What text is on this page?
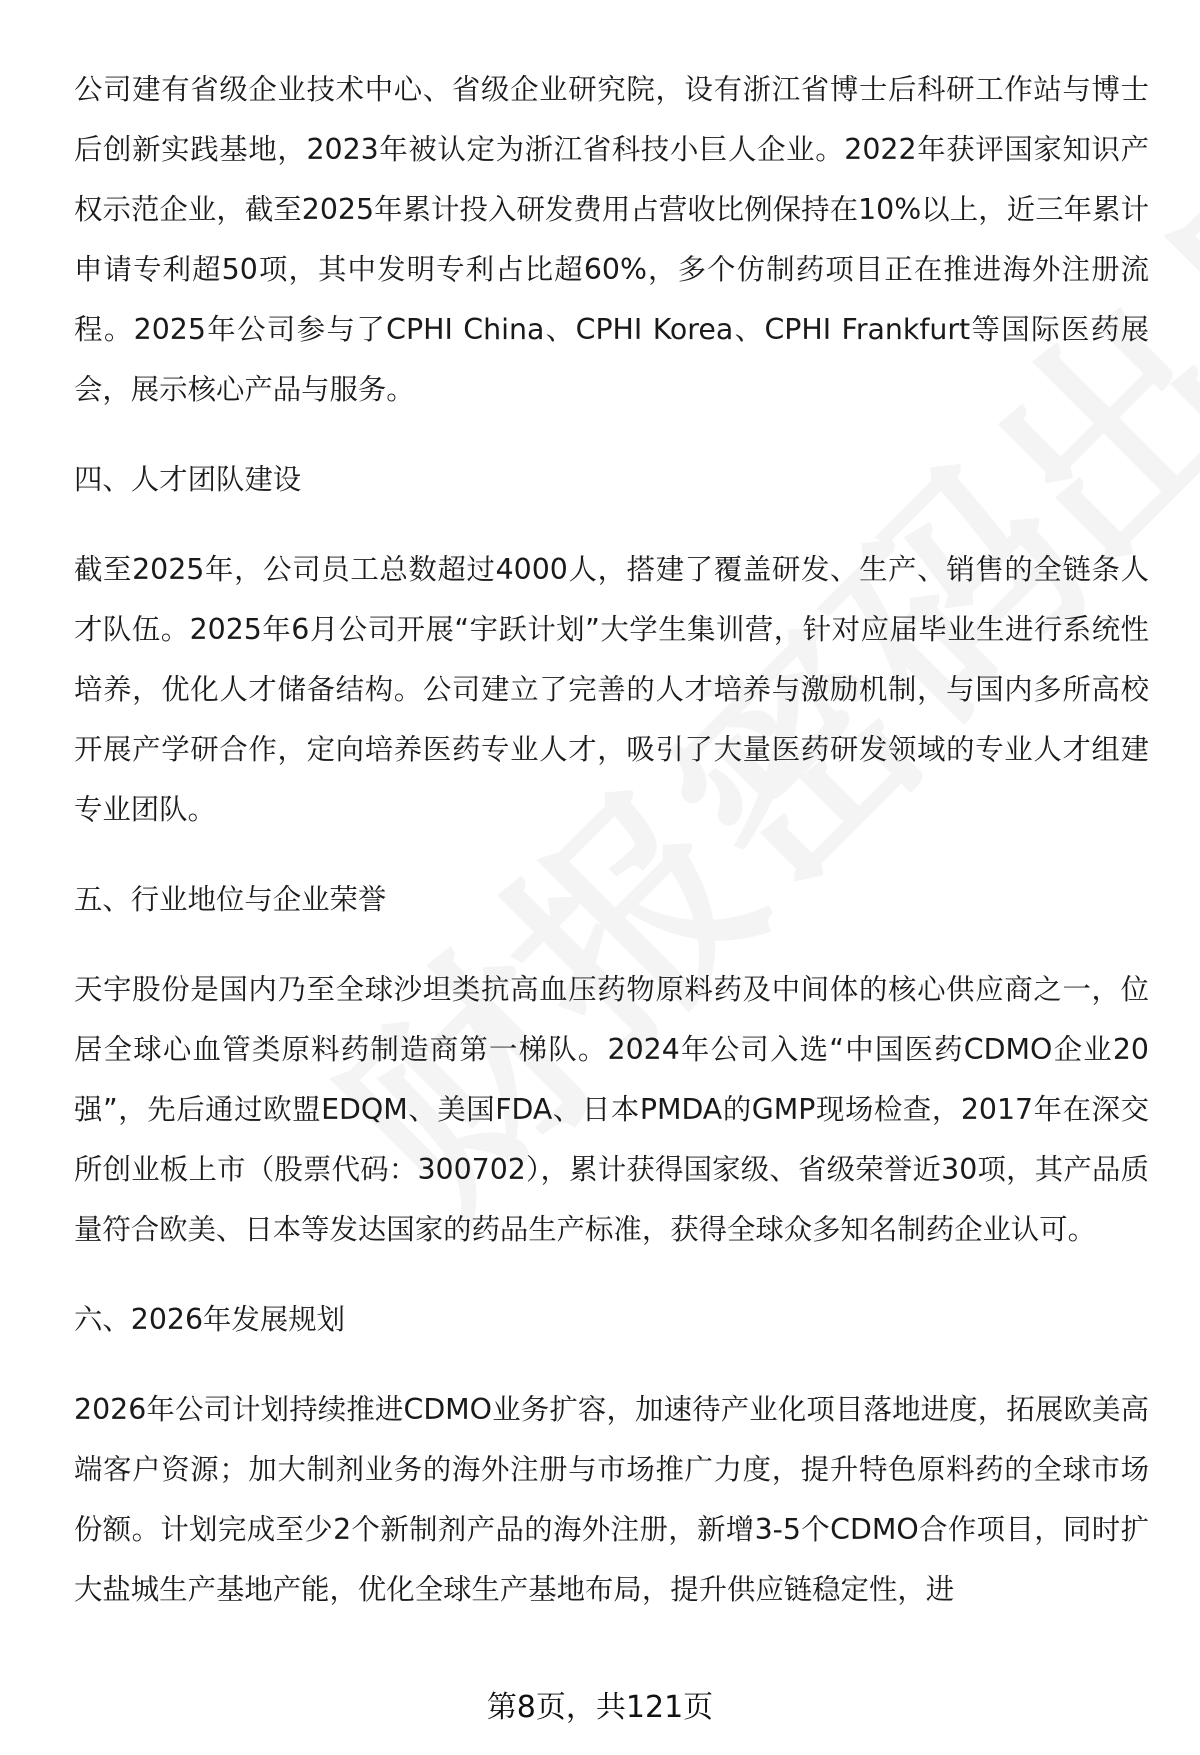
公司建有省级企业技术中心、省级企业研究院，设有浙江省博士后科研工作站与博士后创新实践基地，2023年被认定为浙江省科技小巨人企业。2022年获评国家知识产权示范企业，截至2025年累计投入研发费用占营收比例保持在10%以上，近三年累计申请专利超50项，其中发明专利占比超60%，多个仿制药项目正在推进海外注册流程。2025年公司参与了CPHI China、CPHI Korea、CPHI Frankfurt等国际医药展会，展示核心产品与服务。

四、人才团队建设

截至2025年，公司员工总数超过4000人，搭建了覆盖研发、生产、销售的全链条人才队伍。2025年6月公司开展“宇跃计划”大学生集训营，针对应届毕业生进行系统性培养，优化人才储备结构。公司建立了完善的人才培养与激励机制，与国内多所高校开展产学研合作，定向培养医药专业人才，吸引了大量医药研发领域的专业人才组建专业团队。

五、行业地位与企业荣誉

天宇股份是国内乃至全球沙坦类抗高血压药物原料药及中间体的核心供应商之一，位居全球心血管类原料药制造商第一梯队。2024年公司入选“中国医药CDMO企业20强”，先后通过欧盟EDQM、美国FDA、日本PMDA的GMP现场检查，2017年在深交所创业板上市（股票代码：300702），累计获得国家级、省级荣誉近30项，其产品质量符合欧美、日本等发达国家的药品生产标准，获得全球众多知名制药企业认可。

六、2026年发展规划

2026年公司计划持续推进CDMO业务扩容，加速待产业化项目落地进度，拓展欧美高端客户资源；加大制剂业务的海外注册与市场推广力度，提升特色原料药的全球市场份额。计划完成至少2个新制剂产品的海外注册，新增3-5个CDMO合作项目，同时扩大盐城生产基地产能，优化全球生产基地布局，提升供应链稳定性，进

第8页，共121页
